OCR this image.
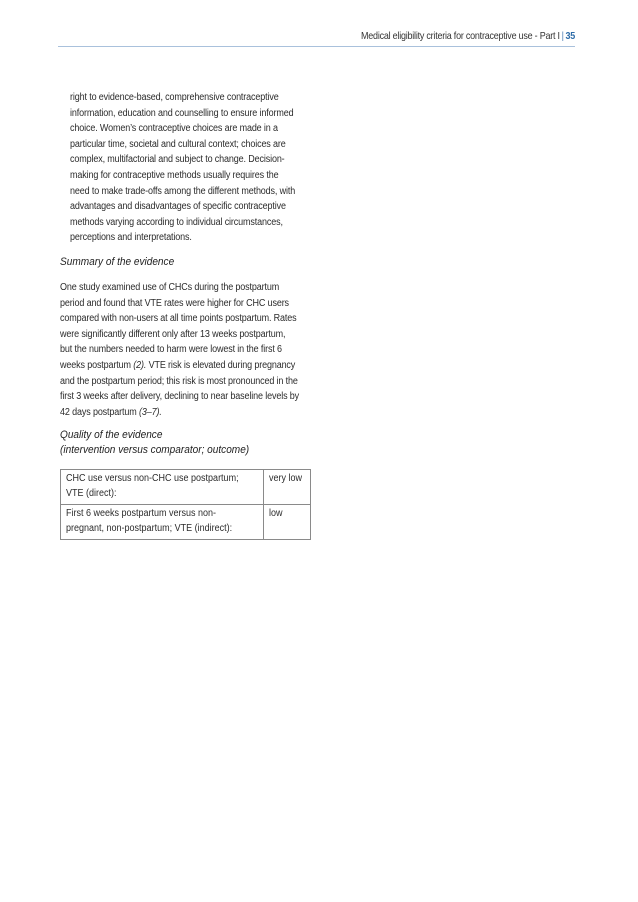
Medical eligibility criteria for contraceptive use - Part I | 35
right to evidence-based, comprehensive contraceptive
information, education and counselling to ensure informed
choice. Women’s contraceptive choices are made in a
particular time, societal and cultural context; choices are
complex, multifactorial and subject to change. Decision-
making for contraceptive methods usually requires the
need to make trade-offs among the different methods, with
advantages and disadvantages of specific contraceptive
methods varying according to individual circumstances,
perceptions and interpretations.
Summary of the evidence
One study examined use of CHCs during the postpartum
period and found that VTE rates were higher for CHC users
compared with non-users at all time points postpartum. Rates
were significantly different only after 13 weeks postpartum,
but the numbers needed to harm were lowest in the first 6
weeks postpartum (2). VTE risk is elevated during pregnancy
and the postpartum period; this risk is most pronounced in the
first 3 weeks after delivery, declining to near baseline levels by
42 days postpartum (3–7).
Quality of the evidence
(intervention versus comparator; outcome)
CHC use versus non-CHC use postpartum;
VTE (direct):	very low
First 6 weeks postpartum versus non-
pregnant, non-postpartum; VTE (indirect):	low
